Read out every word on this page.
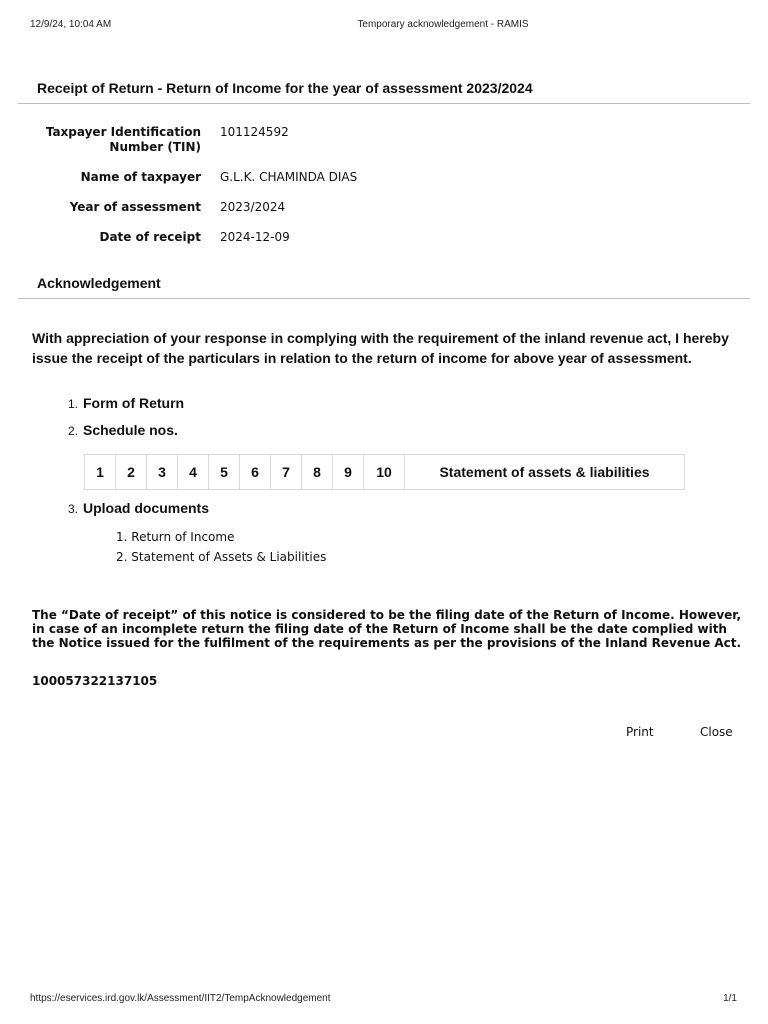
12/9/24, 10:04 AM	Temporary acknowledgement - RAMIS
Receipt of Return - Return of Income for the year of assessment 2023/2024
Taxpayer Identification
Number (TIN)
101124592
Name of taxpayer G.L.K. CHAMINDA DIAS
Year of assessment 2023/2024
Date of receipt 2024-12-09
Acknowledgement
With appreciation of your response in complying with the requirement of the inland revenue act, I hereby issue the receipt of the particulars in relation to the return of income for above year of assessment.
1. Form of Return
2. Schedule nos.
1	2	3	4	5	6	7	8	9	10	Statement of assets & liabilities
3. Upload documents
1. Return of Income
2. Statement of Assets & Liabilities
The “Date of receipt” of this notice is considered to be the filing date of the Return of Income. However, in case of an incomplete return the filing date of the Return of Income shall be the date complied with the Notice issued for the fulfilment of the requirements as per the provisions of the Inland Revenue Act.
100057322137105
Print	Close
https://eservices.ird.gov.lk/Assessment/IIT2/TempAcknowledgement	1/1
